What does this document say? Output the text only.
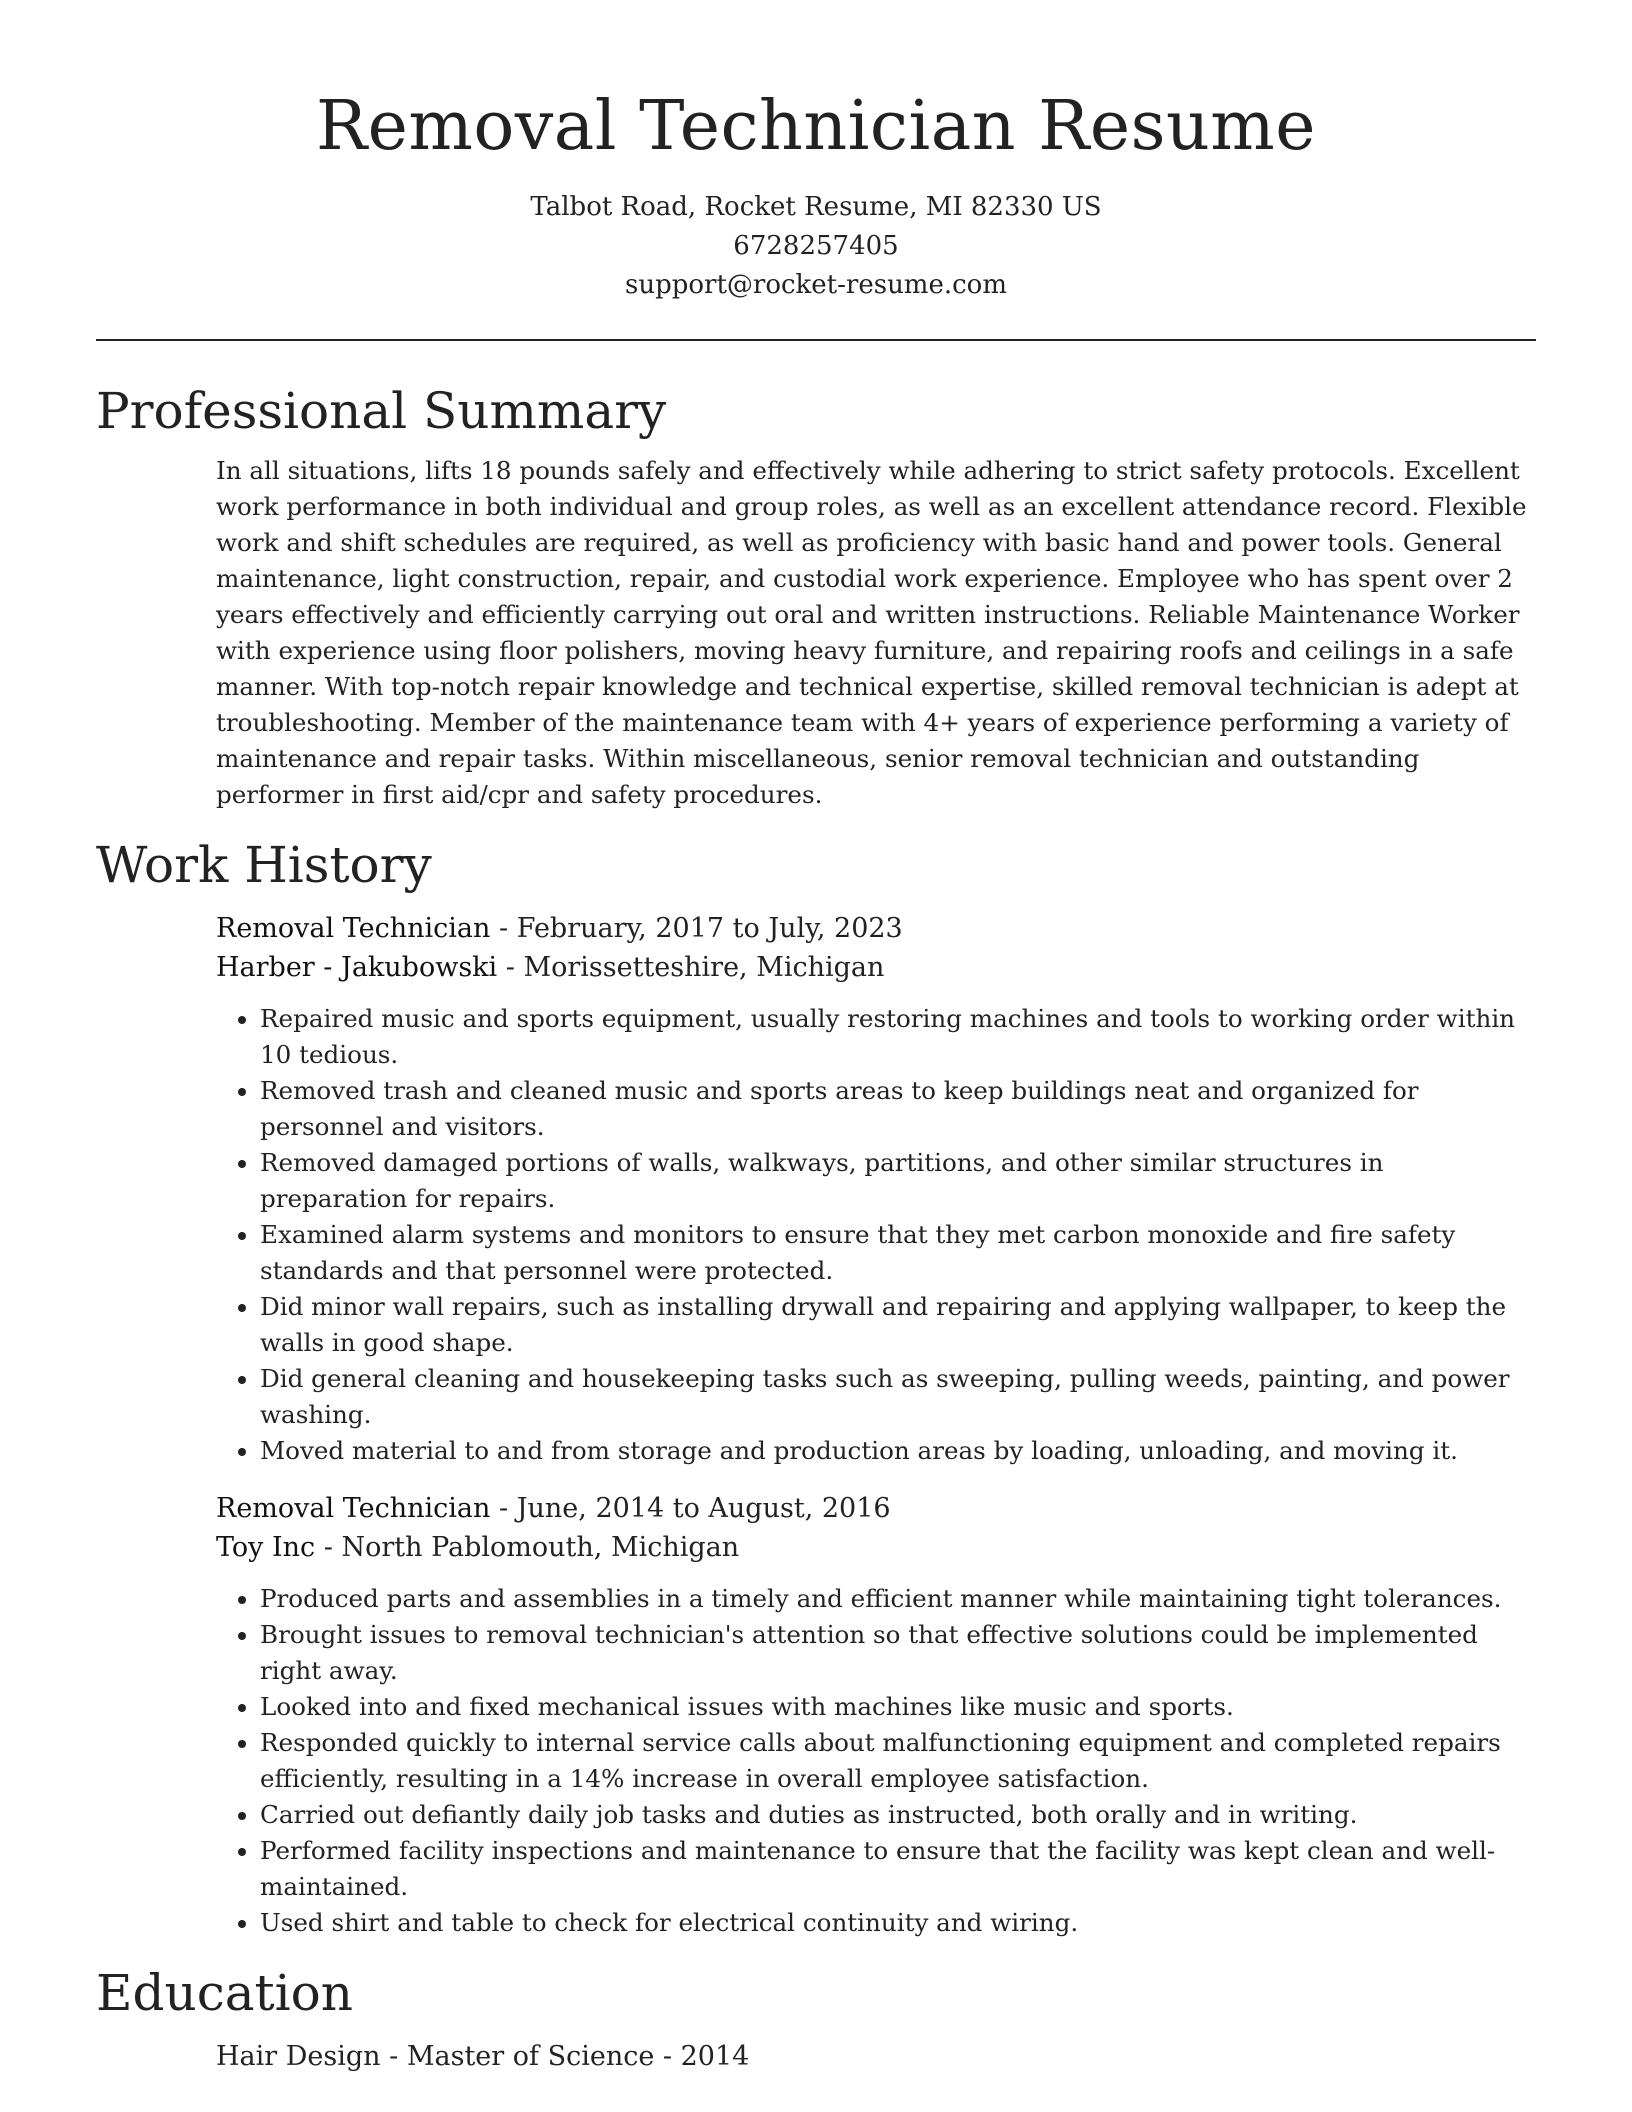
Removal Technician Resume
Talbot Road, Rocket Resume, MI 82330 US
6728257405
support@rocket-resume.com
Professional Summary
In all situations, lifts 18 pounds safely and effectively while adhering to strict safety protocols. Excellent work performance in both individual and group roles, as well as an excellent attendance record. Flexible work and shift schedules are required, as well as proficiency with basic hand and power tools. General maintenance, light construction, repair, and custodial work experience. Employee who has spent over 2 years effectively and efficiently carrying out oral and written instructions. Reliable Maintenance Worker with experience using floor polishers, moving heavy furniture, and repairing roofs and ceilings in a safe manner. With top-notch repair knowledge and technical expertise, skilled removal technician is adept at troubleshooting. Member of the maintenance team with 4+ years of experience performing a variety of maintenance and repair tasks. Within miscellaneous, senior removal technician and outstanding performer in first aid/cpr and safety procedures.
Work History
Removal Technician - February, 2017 to July, 2023
Harber - Jakubowski - Morissetteshire, Michigan
• Repaired music and sports equipment, usually restoring machines and tools to working order within 10 tedious.
• Removed trash and cleaned music and sports areas to keep buildings neat and organized for personnel and visitors.
• Removed damaged portions of walls, walkways, partitions, and other similar structures in preparation for repairs.
• Examined alarm systems and monitors to ensure that they met carbon monoxide and fire safety standards and that personnel were protected.
• Did minor wall repairs, such as installing drywall and repairing and applying wallpaper, to keep the walls in good shape.
• Did general cleaning and housekeeping tasks such as sweeping, pulling weeds, painting, and power washing.
• Moved material to and from storage and production areas by loading, unloading, and moving it.
Removal Technician - June, 2014 to August, 2016
Toy Inc - North Pablomouth, Michigan
• Produced parts and assemblies in a timely and efficient manner while maintaining tight tolerances.
• Brought issues to removal technician's attention so that effective solutions could be implemented right away.
• Looked into and fixed mechanical issues with machines like music and sports.
• Responded quickly to internal service calls about malfunctioning equipment and completed repairs efficiently, resulting in a 14% increase in overall employee satisfaction.
• Carried out defiantly daily job tasks and duties as instructed, both orally and in writing.
• Performed facility inspections and maintenance to ensure that the facility was kept clean and well-maintained.
• Used shirt and table to check for electrical continuity and wiring.
Education
Hair Design - Master of Science - 2014
